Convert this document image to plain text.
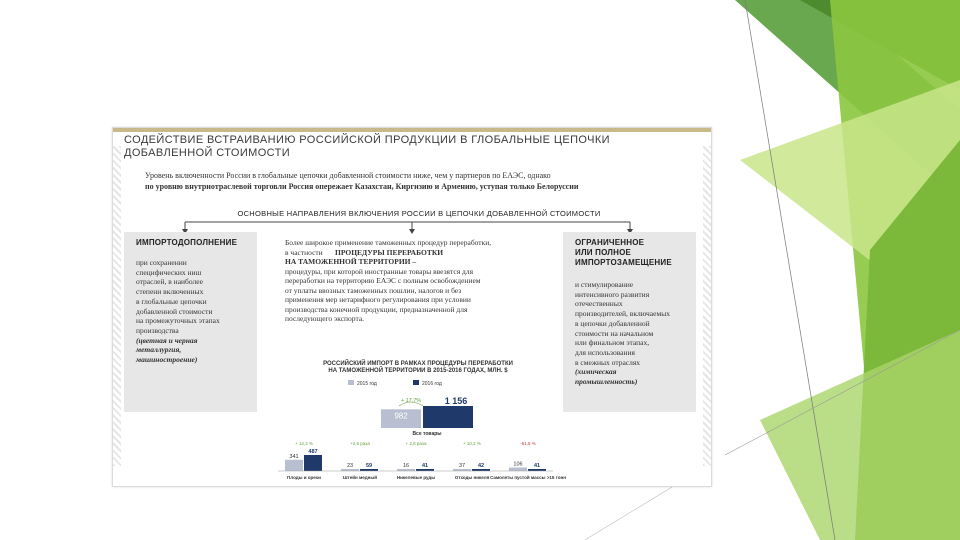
СОДЕЙСТВИЕ ВСТРАИВАНИЮ РОССИЙСКОЙ ПРОДУКЦИИ В ГЛОБАЛЬНЫЕ ЦЕПОЧКИ
ДОБАВЛЕННОЙ СТОИМОСТИ
Уровень включенности России в глобальные цепочки добавленной стоимости ниже, чем у партнеров по ЕАЭС, однако
по уровню внутриотраслевой торговли Россия опережает Казахстан, Киргизию и Армению, уступая только Белоруссии
ОСНОВНЫЕ НАПРАВЛЕНИЯ ВКЛЮЧЕНИЯ РОССИИ В ЦЕПОЧКИ ДОБАВЛЕННОЙ СТОИМОСТИ
ИМПОРТОДОПОЛНЕНИЕ
при сохранении
специфических ниш
отраслей, в наиболее
степени включенных
в глобальные цепочки
добавленной стоимости
на промежуточных этапах
производства
(цветная и черная
металлургия,
машиностроение)
Более широкое применение таможенных процедур переработки,
в частности	ПРОЦЕДУРЫ ПЕРЕРАБОТКИ
НА ТАМОЖЕННОЙ ТЕРРИТОРИИ –
процедуры, при которой иностранные товары ввезятся для
переработки на территорию ЕАЭС с полным освобождением
от уплаты ввозных таможенных пошлин, налогов и без
применения мер нетарифного регулирования при условии
производства конечной продукции, предназначенной для
последующего экспорта.
ОГРАНИЧЕННОЕ
ИЛИ ПОЛНОЕ
ИМПОРТОЗАМЕЩЕНИЕ
и стимулирование
интенсивного развития
отечественных
производителей, включаемых
в цепочки добавленной
стоимости на начальном
или финальном этапах,
для использования
в смежных отраслях
(химическая
промышленность)
РОССИЙСКИЙ ИМПОРТ В РАМКАХ ПРОЦЕДУРЫ ПЕРЕРАБОТКИ
НА ТАМОЖЕННОЙ ТЕРРИТОРИИ В 2015-2016 ГОДАХ, МЛН. $
2015 год	2016 год
982
1 156
+ 17,7%
Все товары
341
487
+ 14,3 %
Плоды и орехи
23 59
+2,6 раза
Штейн медный
16 41
+ 2,6 раза
Никелевые руды
37 42
+ 10,2 %
Отходы никеля
106 41
-61,5 %
Самолеты пустой массы >15 тонн
